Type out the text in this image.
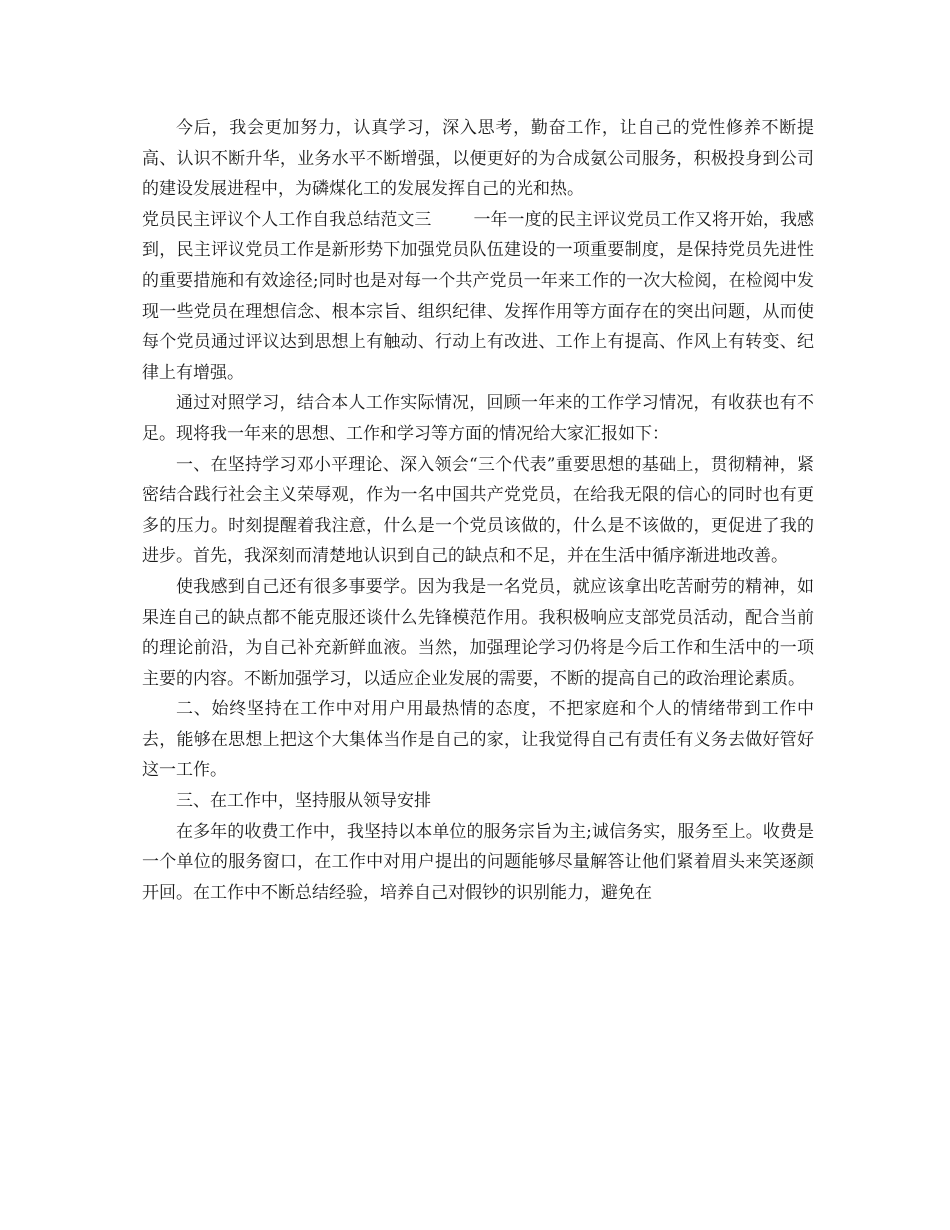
今后，我会更加努力，认真学习，深入思考，勤奋工作，让自己的党性修养不断提高、认识不断升华，业务水平不断增强，以便更好的为合成氨公司服务，积极投身到公司的建设发展进程中，为磷煤化工的发展发挥自己的光和热。

党员民主评议个人工作自我总结范文三 一年一度的民主评议党员工作又将开始，我感到，民主评议党员工作是新形势下加强党员队伍建设的一项重要制度，是保持党员先进性的重要措施和有效途径;同时也是对每一个共产党员一年来工作的一次大检阅，在检阅中发现一些党员在理想信念、根本宗旨、组织纪律、发挥作用等方面存在的突出问题，从而使每个党员通过评议达到思想上有触动、行动上有改进、工作上有提高、作风上有转变、纪律上有增强。

通过对照学习，结合本人工作实际情况，回顾一年来的工作学习情况，有收获也有不足。现将我一年来的思想、工作和学习等方面的情况给大家汇报如下：

一、在坚持学习邓小平理论、深入领会“三个代表”重要思想的基础上，贯彻精神，紧密结合践行社会主义荣辱观，作为一名中国共产党党员，在给我无限的信心的同时也有更多的压力。时刻提醒着我注意，什么是一个党员该做的，什么是不该做的，更促进了我的进步。首先，我深刻而清楚地认识到自己的缺点和不足，并在生活中循序渐进地改善。

使我感到自己还有很多事要学。因为我是一名党员，就应该拿出吃苦耐劳的精神，如果连自己的缺点都不能克服还谈什么先锋模范作用。我积极响应支部党员活动，配合当前的理论前沿，为自己补充新鲜血液。当然，加强理论学习仍将是今后工作和生活中的一项主要的内容。不断加强学习，以适应企业发展的需要，不断的提高自己的政治理论素质。

二、始终坚持在工作中对用户用最热情的态度，不把家庭和个人的情绪带到工作中去，能够在思想上把这个大集体当作是自己的家，让我觉得自己有责任有义务去做好管好这一工作。

三、在工作中，坚持服从领导安排

在多年的收费工作中，我坚持以本单位的服务宗旨为主;诚信务实，服务至上。收费是一个单位的服务窗口，在工作中对用户提出的问题能够尽量解答让他们紧着眉头来笑逐颜开回。在工作中不断总结经验，培养自己对假钞的识别能力，避免在
